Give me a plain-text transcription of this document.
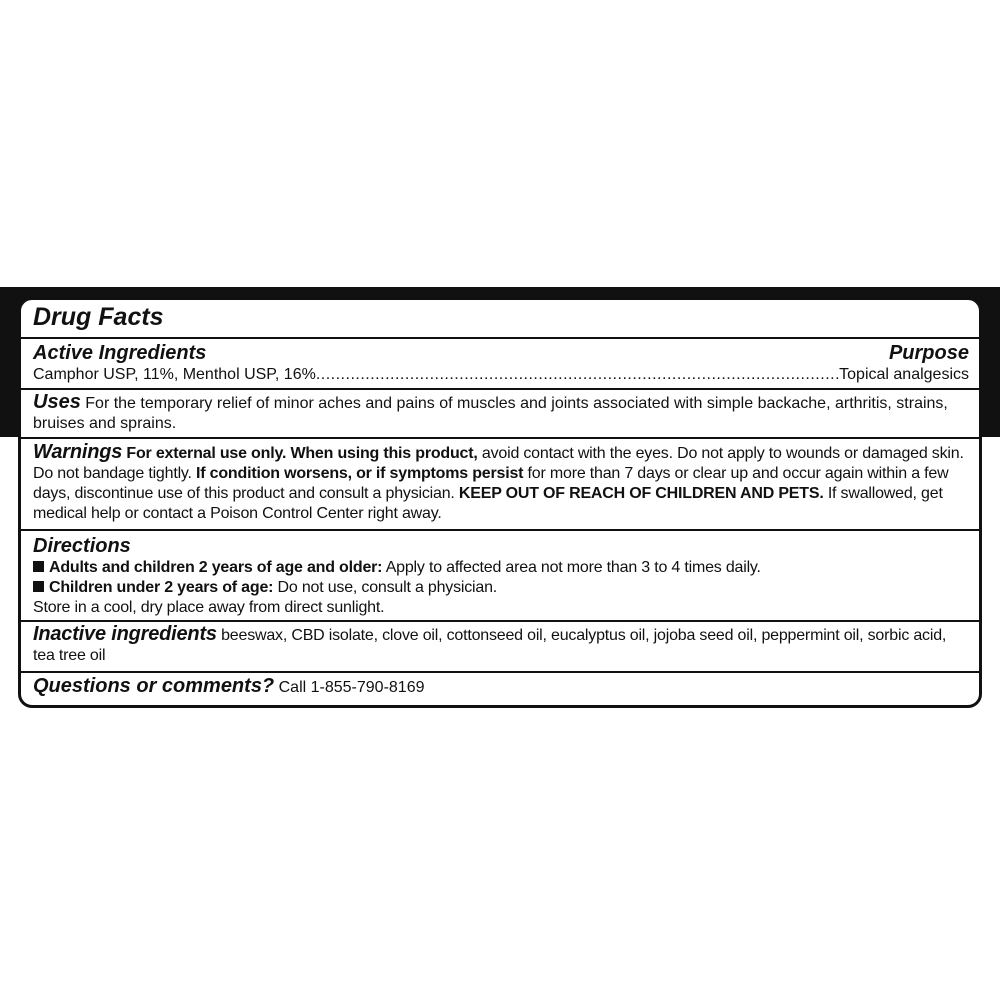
Drug Facts
Active Ingredients	Purpose
Camphor USP, 11%, Menthol USP, 16%
.....	Topical analgesics
Uses For the temporary relief of minor aches and pains of muscles and joints associated with simple backache, arthritis, strains, bruises and sprains.
Warnings For external use only. When using this product, avoid contact with the eyes. Do not apply to wounds or damaged skin. Do not bandage tightly. If condition worsens, or if symptoms persist for more than 7 days or clear up and occur again within a few days, discontinue use of this product and consult a physician. KEEP OUT OF REACH OF CHILDREN AND PETS. If swallowed, get medical help or contact a Poison Control Center right away.
Directions
Adults and children 2 years of age and older: Apply to affected area not more than 3 to 4 times daily.
Children under 2 years of age: Do not use, consult a physician.
Store in a cool, dry place away from direct sunlight.
Inactive ingredients beeswax, CBD isolate, clove oil, cottonseed oil, eucalyptus oil, jojoba seed oil, peppermint oil, sorbic acid, tea tree oil
Questions or comments? Call 1-855-790-8169
